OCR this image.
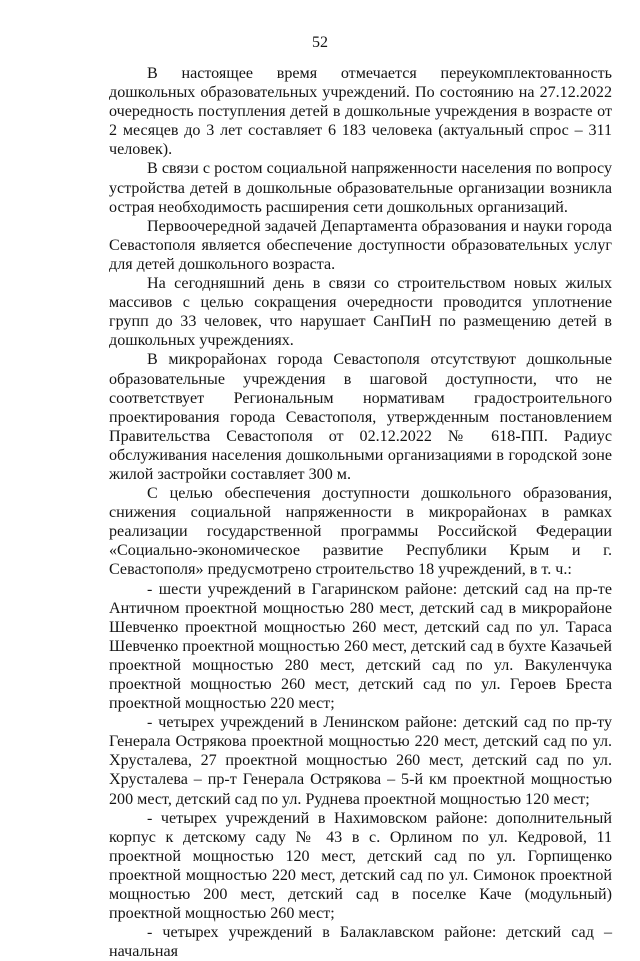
52

В настоящее время отмечается переукомплектованность дошкольных образовательных учреждений. По состоянию на 27.12.2022 очередность поступления детей в дошкольные учреждения в возрасте от 2 месяцев до 3 лет составляет 6 183 человека (актуальный спрос – 311 человек).

В связи с ростом социальной напряженности населения по вопросу устройства детей в дошкольные образовательные организации возникла острая необходимость расширения сети дошкольных организаций.

Первоочередной задачей Департамента образования и науки города Севастополя является обеспечение доступности образовательных услуг для детей дошкольного возраста.

На сегодняшний день в связи со строительством новых жилых массивов с целью сокращения очередности проводится уплотнение групп до 33 человек, что нарушает СанПиН по размещению детей в дошкольных учреждениях.

В микрорайонах города Севастополя отсутствуют дошкольные образовательные учреждения в шаговой доступности, что не соответствует Региональным нормативам градостроительного проектирования города Севастополя, утвержденным постановлением Правительства Севастополя от 02.12.2022 № 618-ПП. Радиус обслуживания населения дошкольными организациями в городской зоне жилой застройки составляет 300 м.

С целью обеспечения доступности дошкольного образования, снижения социальной напряженности в микрорайонах в рамках реализации государственной программы Российской Федерации «Социально-экономическое развитие Республики Крым и г. Севастополя» предусмотрено строительство 18 учреждений, в т. ч.:

- шести учреждений в Гагаринском районе: детский сад на пр-те Античном проектной мощностью 280 мест, детский сад в микрорайоне Шевченко проектной мощностью 260 мест, детский сад по ул. Тараса Шевченко проектной мощностью 260 мест, детский сад в бухте Казачьей проектной мощностью 280 мест, детский сад по ул. Вакуленчука проектной мощностью 260 мест, детский сад по ул. Героев Бреста проектной мощностью 220 мест;

- четырех учреждений в Ленинском районе: детский сад по пр-ту Генерала Острякова проектной мощностью 220 мест, детский сад по ул. Хрусталева, 27 проектной мощностью 260 мест, детский сад по ул. Хрусталева – пр-т Генерала Острякова – 5-й км проектной мощностью 200 мест, детский сад по ул. Руднева проектной мощностью 120 мест;

- четырех учреждений в Нахимовском районе: дополнительный корпус к детскому саду № 43 в с. Орлином по ул. Кедровой, 11 проектной мощностью 120 мест, детский сад по ул. Горпищенко проектной мощностью 220 мест, детский сад по ул. Симонок проектной мощностью 200 мест, детский сад в поселке Каче (модульный) проектной мощностью 260 мест;

- четырех учреждений в Балаклавском районе: детский сад – начальная
